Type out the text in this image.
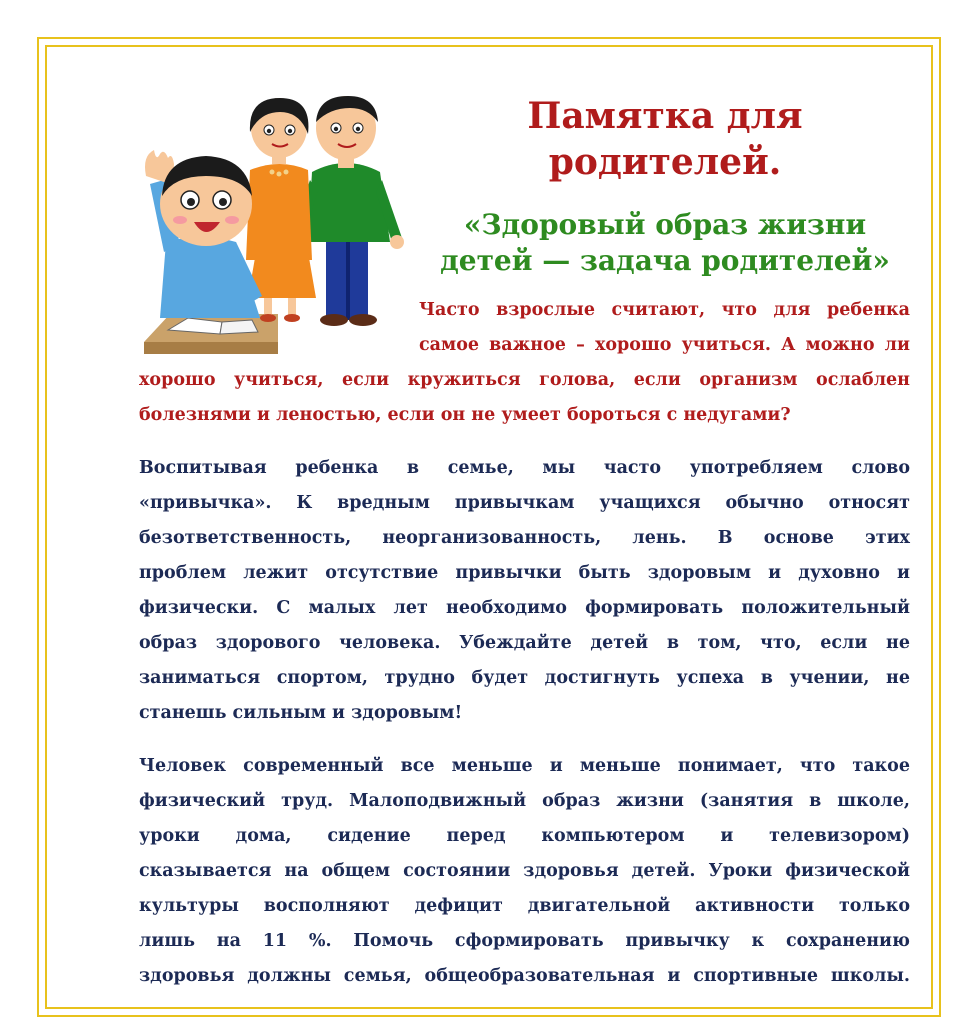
Памятка для родителей.
«Здоровый образ жизни детей — задача родителей»

Часто взрослые считают, что для ребенка

самое важное – хорошо учиться. А можно ли

хорошо учиться, если кружиться голова, если организм ослаблен

болезнями и леностью, если он не умеет бороться с недугами?

Воспитывая ребенка в семье, мы часто употребляем слово

«привычка». К вредным привычкам учащихся обычно относят

безответственность, неорганизованность, лень. В основе этих

проблем лежит отсутствие привычки быть здоровым и духовно и

физически. С малых лет необходимо формировать положительный

образ здорового человека. Убеждайте детей в том, что, если не

заниматься спортом, трудно будет достигнуть успеха в учении, не

станешь сильным и здоровым!

Человек современный все меньше и меньше понимает, что такое

физический труд. Малоподвижный образ жизни (занятия в школе,

уроки дома, сидение перед компьютером и телевизором)

сказывается на общем состоянии здоровья детей. Уроки физической

культуры восполняют дефицит двигательной активности только

лишь на 11 %. Помочь сформировать привычку к сохранению

здоровья должны семья, общеобразовательная и спортивные школы.
